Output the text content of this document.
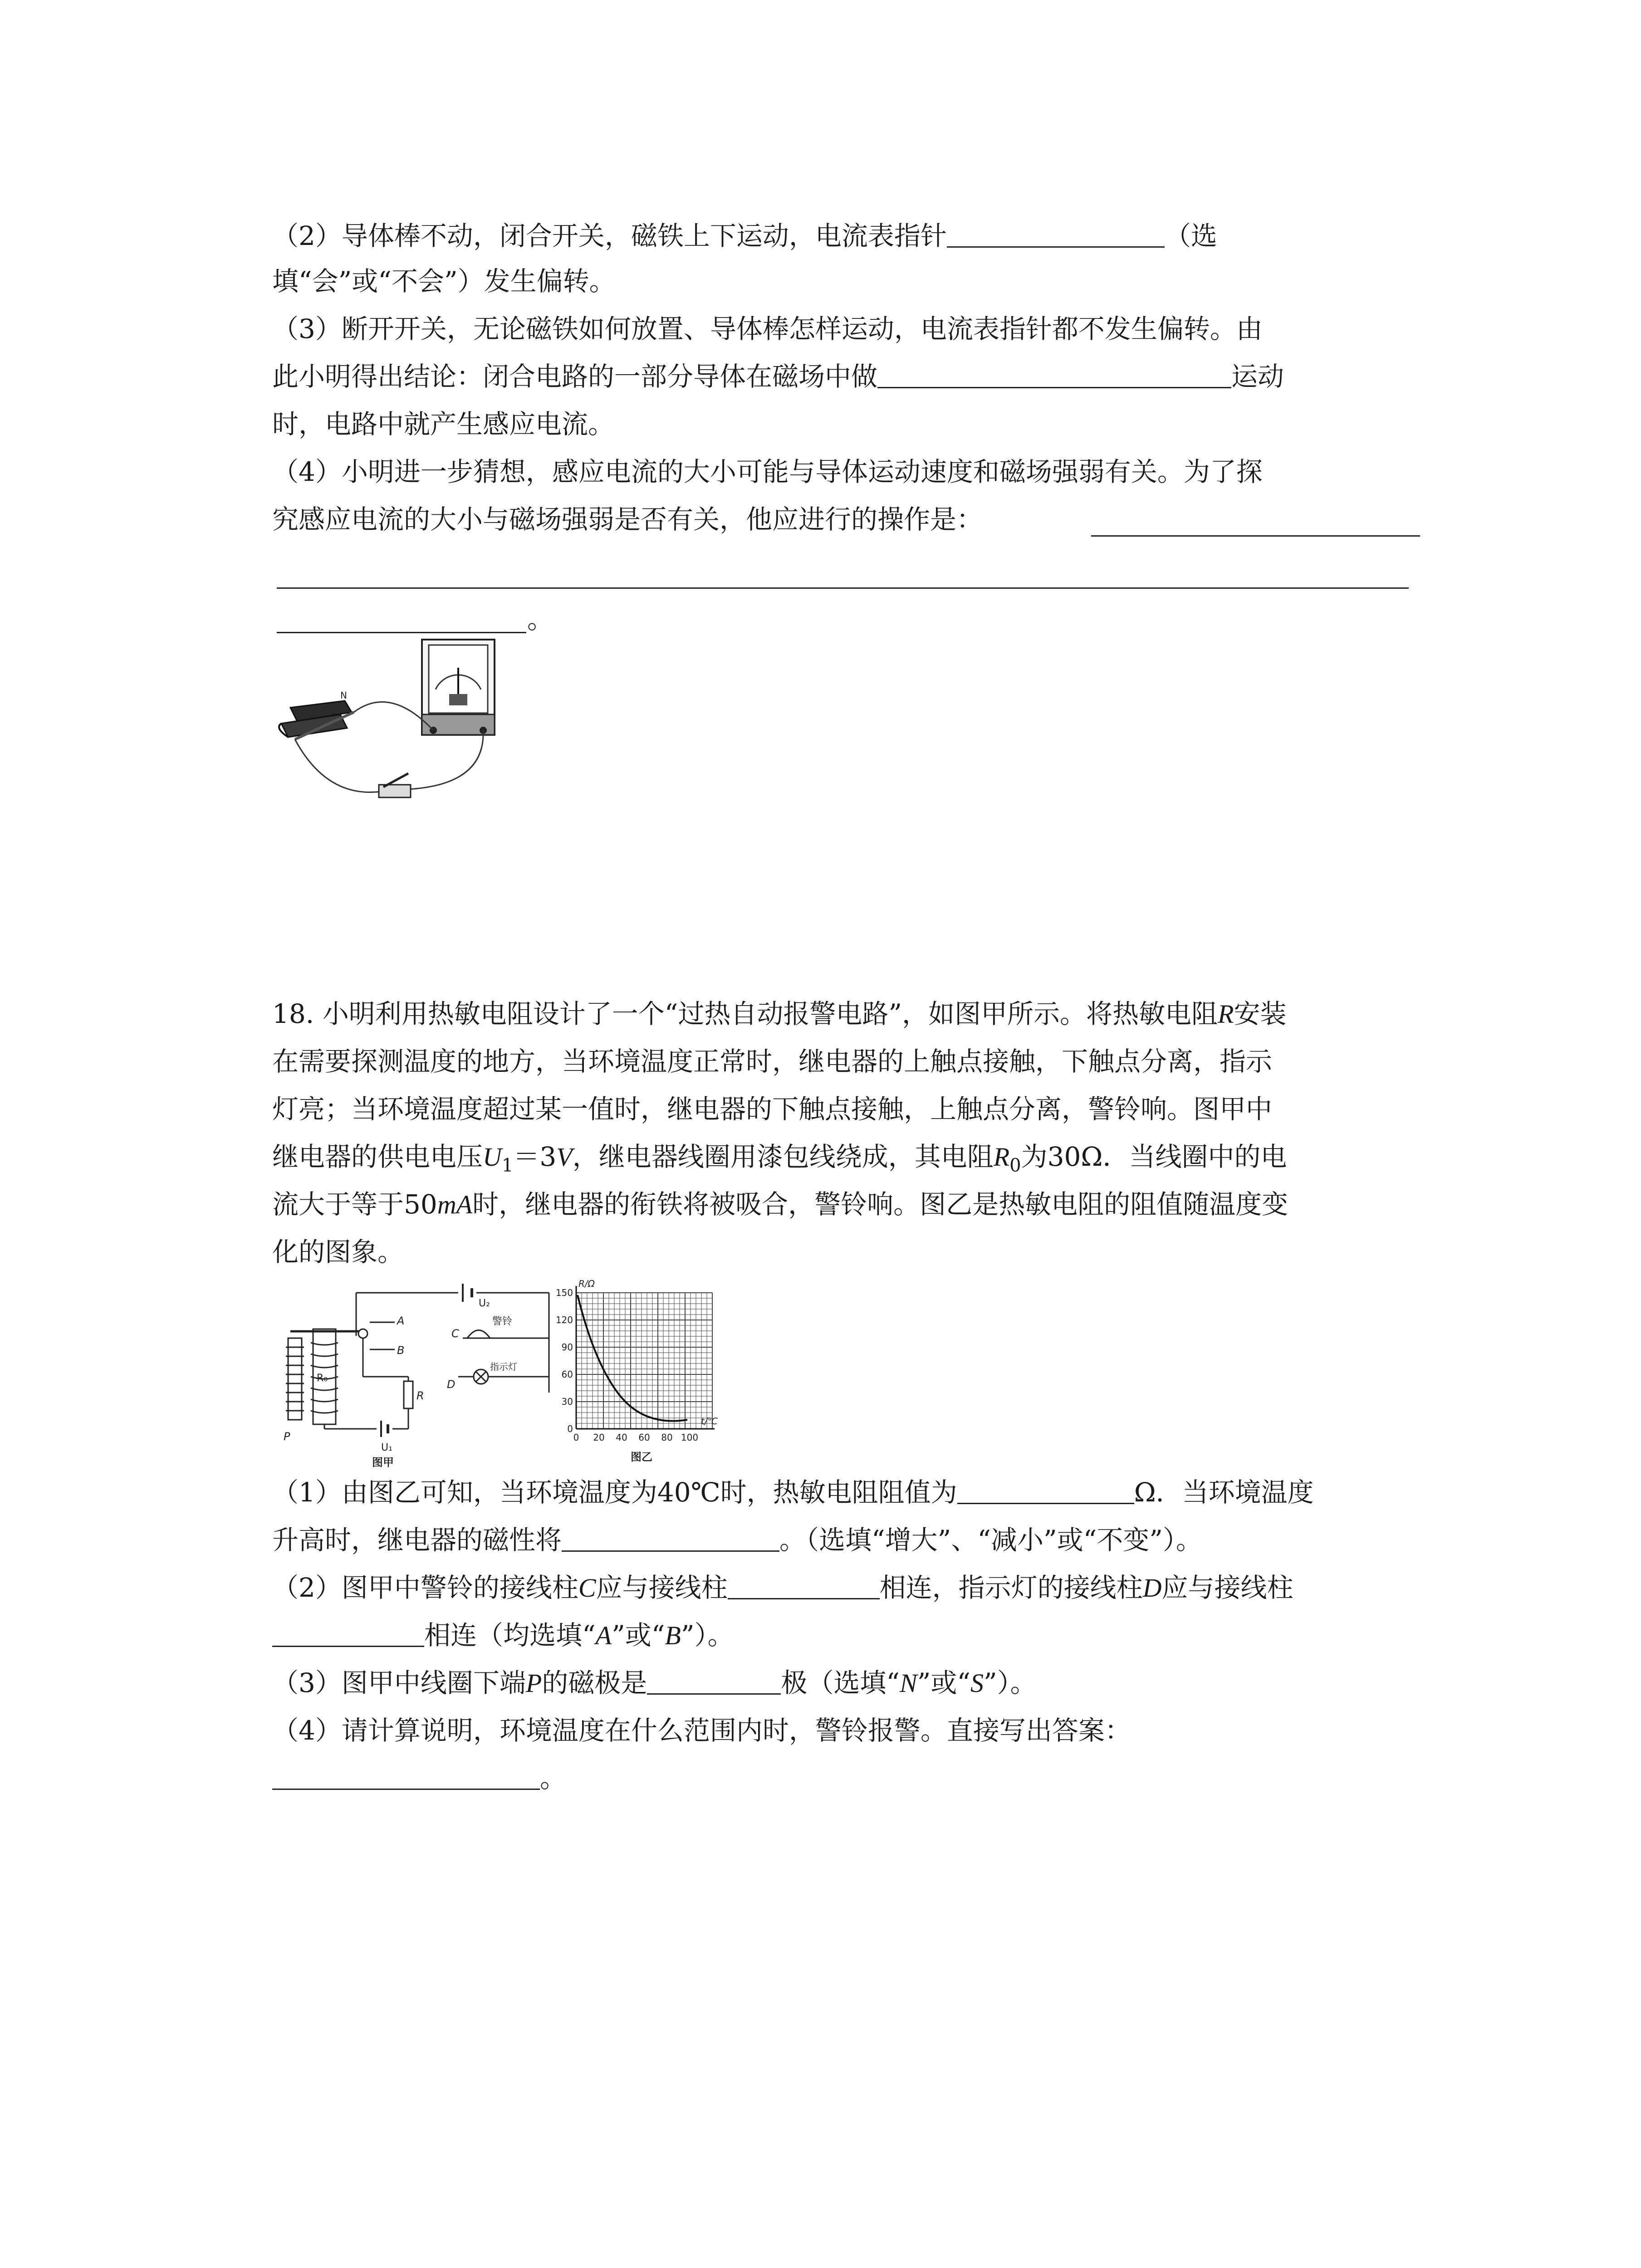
（2）导体棒不动，闭合开关，磁铁上下运动，电流表指针	（选
填“会”或“不会”）发生偏转。
（3）断开开关，无论磁铁如何放置、导体棒怎样运动，电流表指针都不发生偏转。由
此小明得出结论：闭合电路的一部分导体在磁场中做	运动
时，电路中就产生感应电流。
（4）小明进一步猜想，感应电流的大小可能与导体运动速度和磁场强弱有关。为了探
究感应电流的大小与磁场强弱是否有关，他应进行的操作是：
。
N
18. 小明利用热敏电阻设计了一个“过热自动报警电路”，如图甲所示。将热敏电阻R安装
在需要探测温度的地方，当环境温度正常时，继电器的上触点接触，下触点分离，指示
灯亮；当环境温度超过某一值时，继电器的下触点接触，上触点分离，警铃响。图甲中
继电器的供电电压$U_1=3V$，继电器线圈用漆包线绕成，其电阻$R_0$为30Ω．当线圈中的电
流大于等于50mA时，继电器的衔铁将被吸合，警铃响。图乙是热敏电阻的阻值随温度变
化的图象。
U₂
R₀
A
B
C
警铃
D
指示灯
R
U₁
P
图甲
R/Ω
t/℃
0
30
60
90
120
150
0 20 40 60 80 100
图乙
（1）由图乙可知，当环境温度为40℃时，热敏电阻阻值为	Ω．当环境温度
升高时，继电器的磁性将	。（选填“增大”、“减小”或“不变”）。
（2）图甲中警铃的接线柱C应与接线柱	相连，指示灯的接线柱D应与接线柱
相连（均选填“A”或“B”）。
（3）图甲中线圈下端P的磁极是	极（选填“N”或“S”）。
（4）请计算说明，环境温度在什么范围内时，警铃报警。直接写出答案：
。
